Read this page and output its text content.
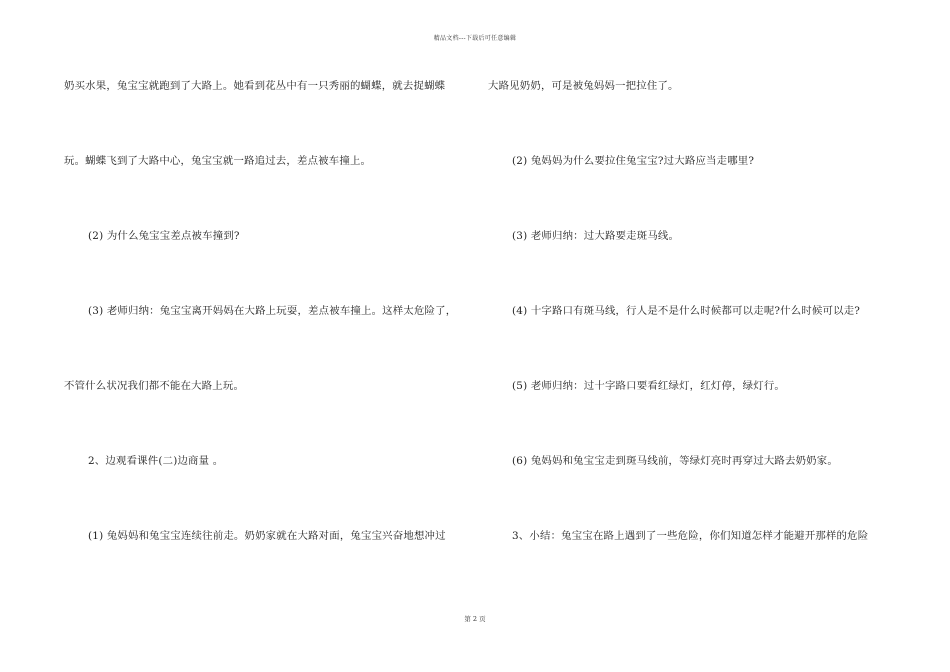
精品文档---下载后可任意编辑
奶买水果，兔宝宝就跑到了大路上。她看到花丛中有一只秀丽的蝴蝶，就去捉蝴蝶
玩。蝴蝶飞到了大路中心，兔宝宝就一路追过去，差点被车撞上。
(2) 为什么兔宝宝差点被车撞到?
(3) 老师归纳：兔宝宝离开妈妈在大路上玩耍，差点被车撞上。这样太危险了，
不管什么状况我们都不能在大路上玩。
2、边观看课件(二)边商量 。
(1) 兔妈妈和兔宝宝连续往前走。奶奶家就在大路对面，兔宝宝兴奋地想冲过
大路见奶奶，可是被兔妈妈一把拉住了。
(2) 兔妈妈为什么要拉住兔宝宝?过大路应当走哪里?
(3) 老师归纳：过大路要走斑马线。
(4) 十字路口有斑马线，行人是不是什么时候都可以走呢?什么时候可以走?
(5) 老师归纳：过十字路口要看红绿灯，红灯停，绿灯行。
(6) 兔妈妈和兔宝宝走到斑马线前，等绿灯亮时再穿过大路去奶奶家。
3、小结：兔宝宝在路上遇到了一些危险，你们知道怎样才能避开那样的危险
第 2 页
